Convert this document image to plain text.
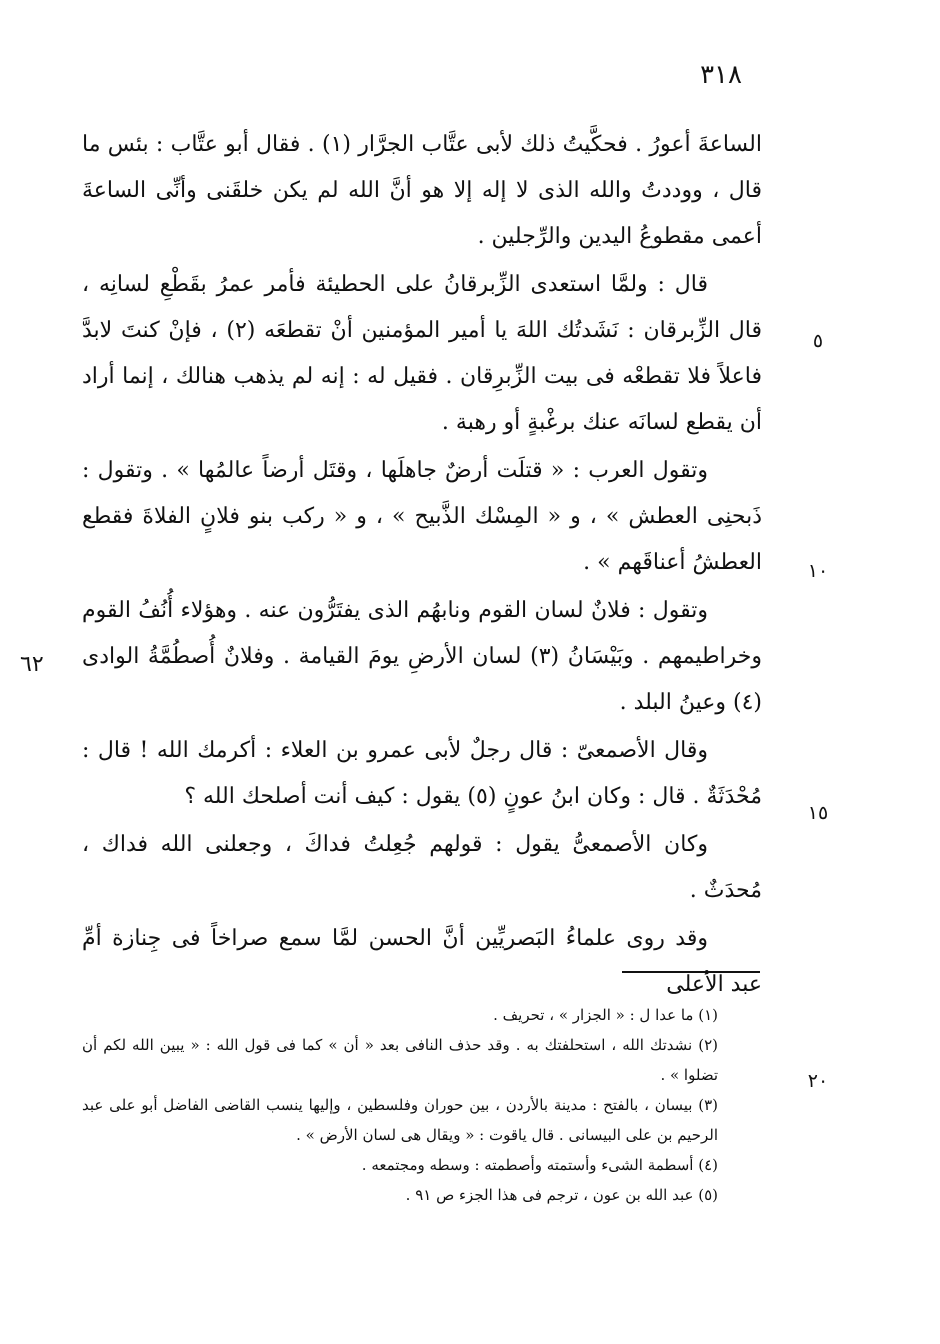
٣١٨

الساعةَ أعورُ . فحكَّيتُ ذلك لأبى عتَّاب الجرَّار (١) . فقال أبو عتَّاب : بئس ما قال ، ووددتُ والله الذى لا إله إلا هو أنَّ الله لم يكن خلقَنى وأنِّى الساعةَ أعمى مقطوعُ اليدين والرِّجلين .

قال : ولمَّا استعدى الزِّبرقانُ على الحطيئة فأمر عمرُ بقَطْعِ لسانِه ، قال الزِّبرقان : نَشَدتُك اللهَ يا أمير المؤمنين أنْ تقطعَه (٢) ، فإنْ كنتَ لابدَّ فاعلاً فلا تقطعْه فى بيت الزِّبرِقان . فقيل له : إنه لم يذهب هنالك ، إنما أراد أن يقطع لسانَه عنك برغْبةٍ أو رهبة .

وتقول العرب : « قتلَت أرضٌ جاهلَها ، وقتَل أرضاً عالمُها » . وتقول : ذَبحنِى العطش » ، و « المِسْك الذَّبيح » ، و « ركب بنو فلانٍ الفلاةَ فقطع العطشُ أعناقَهم » .

وتقول : فلانٌ لسان القوم ونابهُم الذى يفتَرُّون عنه . وهؤلاء أُنُفُ القوم وخراطيمهم . وبَيْسَانُ (٣) لسان الأرضِ يومَ القيامة . وفلانٌ أُصطُمَّةُ الوادى (٤) وعينُ البلد .

وقال الأصمعىّ : قال رجلٌ لأبى عمرو بن العلاء : أكرمك الله ! قال : مُحْدَثَةٌ . قال : وكان ابنُ عونٍ (٥) يقول : كيف أنت أصلحك الله ؟

وكان الأصمعىُّ يقول : قولهم جُعِلتُ فداكَ ، وجعلنى الله فداك ، مُحدَثٌ .

وقد روى علماءُ البَصريِّين أنَّ الحسن لمَّا سمع صراخاً فى جِنازة أمِّ عبد الأعلى

٥
١٠
١٥
٢٠
٦٢

(١) ما عدا ل : « الجزار » ، تحريف .

(٢) نشدتك الله ، استحلفتك به . وقد حذف النافى بعد « أن » كما فى قول الله : « يبين الله لكم أن تضلوا » .

(٣) بيسان ، بالفتح : مدينة بالأردن ، بين حوران وفلسطين ، وإليها ينسب القاضى الفاضل أبو على عبد الرحيم بن على البيسانى . قال ياقوت : « ويقال هى لسان الأرض » .

(٤) أسطمة الشىء وأستمته وأصطمته : وسطه ومجتمعه .

(٥) عبد الله بن عون ، ترجم فى هذا الجزء ص ٩١ .
